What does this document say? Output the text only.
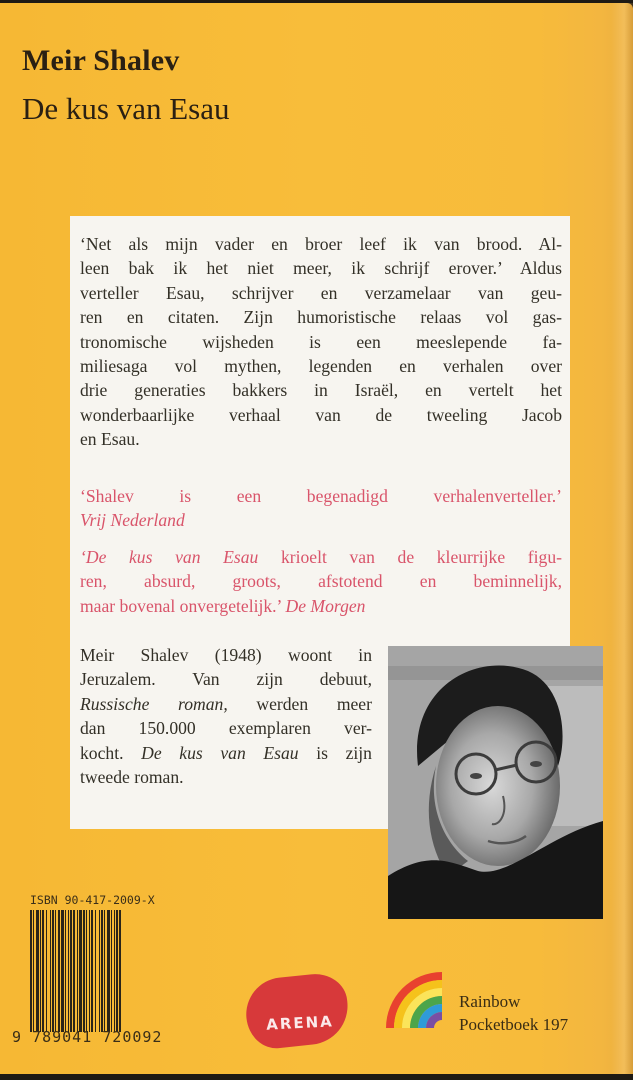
Meir Shalev
De kus van Esau
‘Net als mijn vader en broer leef ik van brood. Al-
leen bak ik het niet meer, ik schrijf erover.’ Aldus
verteller Esau, schrijver en verzamelaar van geu-
ren en citaten. Zijn humoristische relaas vol gas-
tronomische wijsheden is een meeslepende fa-
miliesaga vol mythen, legenden en verhalen over
drie generaties bakkers in Israël, en vertelt het
wonderbaarlijke verhaal van de tweeling Jacob
en Esau.
‘Shalev is een begenadigd verhalenverteller.’
Vrij Nederland
‘De kus van Esau krioelt van de kleurrijke figu-
ren, absurd, groots, afstotend en beminnelijk,
maar bovenal onvergetelijk.’ De Morgen
Meir Shalev (1948) woont in
Jeruzalem. Van zijn debuut,
Russische roman, werden meer
dan 150.000 exemplaren ver-
kocht. De kus van Esau is zijn
tweede roman.
ISBN 90-417-2009-X
9 789041 720092
ARENA
Rainbow
Pocketboek 197
